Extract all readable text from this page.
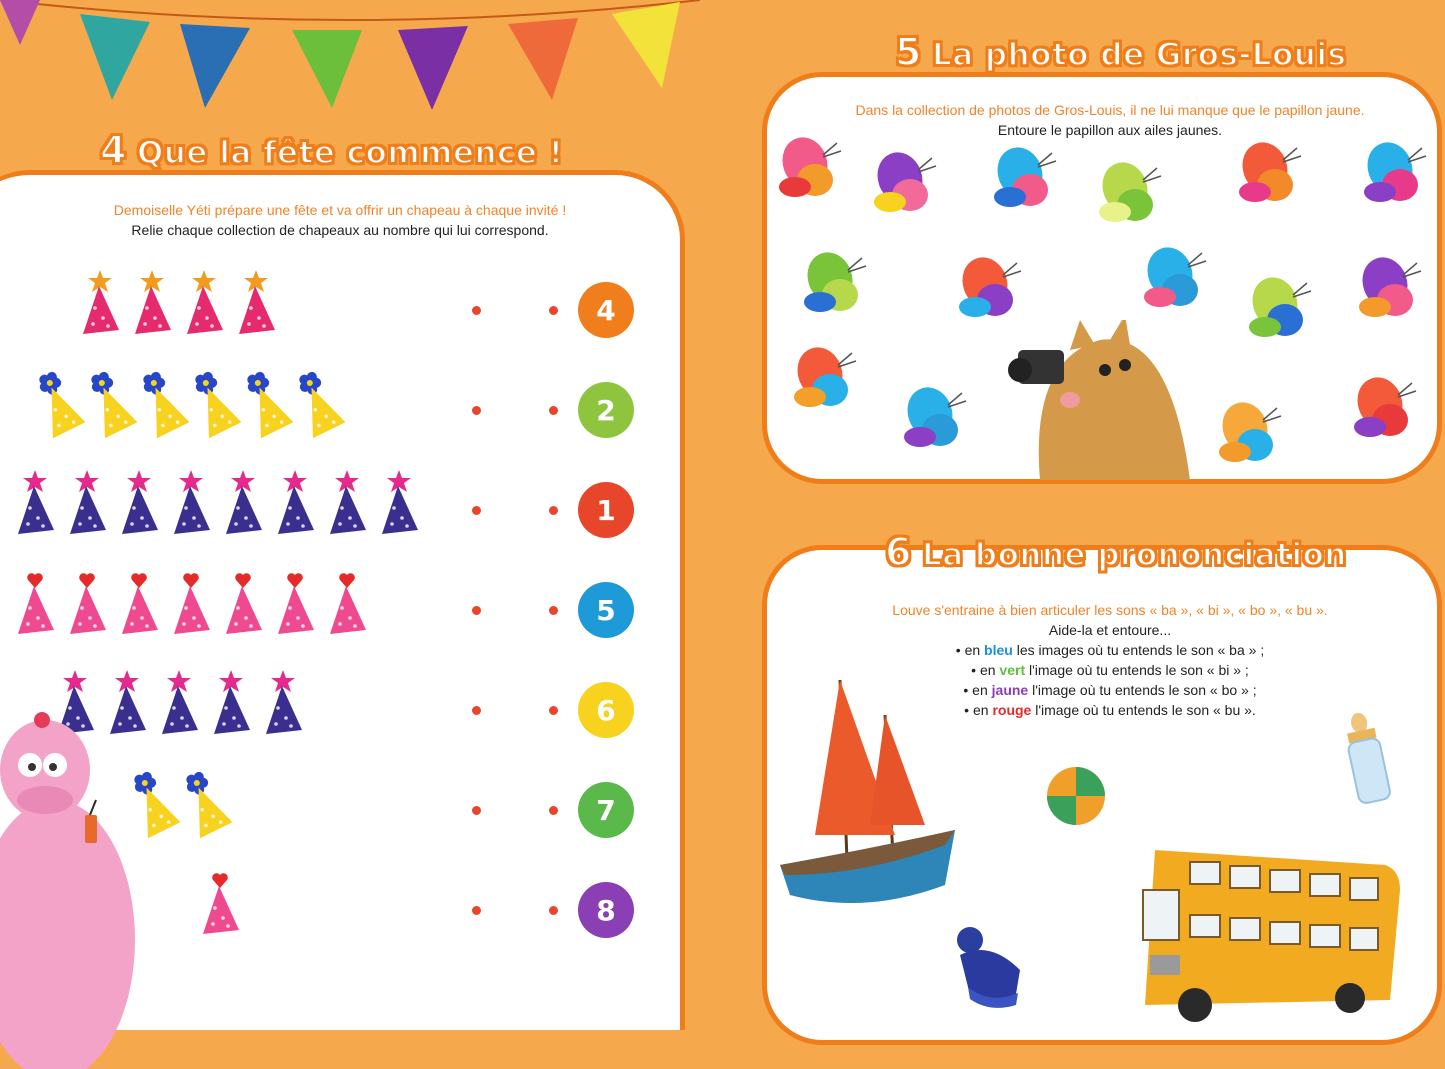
4 Que la fête commence !
Demoiselle Yéti prépare une fête et va offrir un chapeau à chaque invité !
Relie chaque collection de chapeaux au nombre qui lui correspond.
4
2
1
5
6
7
8
5 La photo de Gros-Louis
Dans la collection de photos de Gros-Louis, il ne lui manque que le papillon jaune.
Entoure le papillon aux ailes jaunes.
6 La bonne prononciation
Louve s'entraine à bien articuler les sons « ba », « bi », « bo », « bu ».
Aide-la et entoure...
• en bleu les images où tu entends le son « ba » ;
• en vert l'image où tu entends le son « bi » ;
• en jaune l'image où tu entends le son « bo » ;
• en rouge l'image où tu entends le son « bu ».
